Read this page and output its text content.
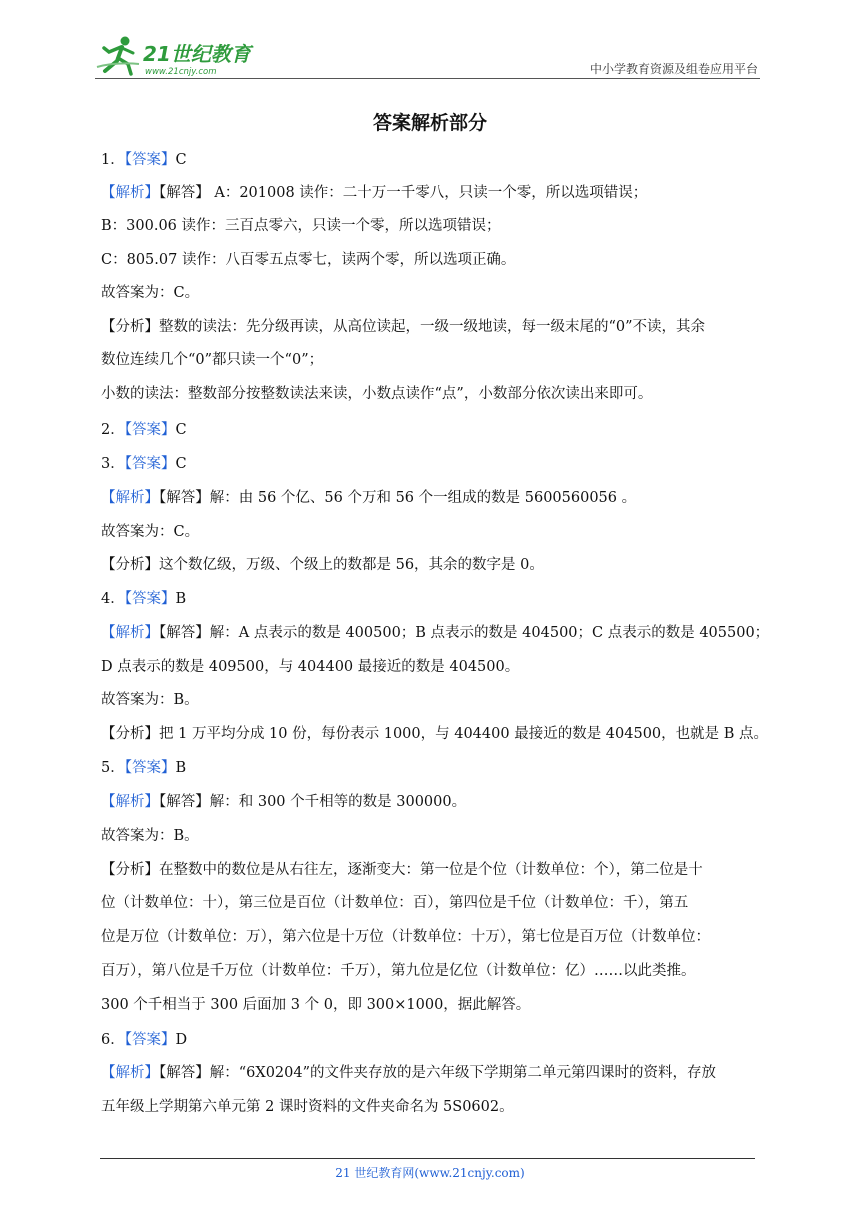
21世纪教育
www.21cnjy.com	中小学教育资源及组卷应用平台
答案解析部分
1．【答案】C
【解析】【解答】 A：201008 读作：二十万一千零八，只读一个零，所以选项错误；
B：300.06 读作：三百点零六，只读一个零，所以选项错误；
C：805.07 读作：八百零五点零七，读两个零，所以选项正确。
故答案为：C。
【分析】整数的读法：先分级再读，从高位读起，一级一级地读，每一级末尾的“0”不读，其余
数位连续几个“0”都只读一个“0”；
小数的读法：整数部分按整数读法来读，小数点读作“点”，小数部分依次读出来即可。
2．【答案】C
3．【答案】C
【解析】【解答】解：由 56 个亿、56 个万和 56 个一组成的数是 5600560056 。
故答案为：C。
【分析】这个数亿级，万级、个级上的数都是 56，其余的数字是 0。
4．【答案】B
【解析】【解答】解：A 点表示的数是 400500；B 点表示的数是 404500；C 点表示的数是 405500；
D 点表示的数是 409500，与 404400 最接近的数是 404500。
故答案为：B。
【分析】把 1 万平均分成 10 份，每份表示 1000，与 404400 最接近的数是 404500，也就是 B 点。
5．【答案】B
【解析】【解答】解：和 300 个千相等的数是 300000。
故答案为：B。
【分析】在整数中的数位是从右往左，逐渐变大：第一位是个位（计数单位：个），第二位是十
位（计数单位：十），第三位是百位（计数单位：百），第四位是千位（计数单位：千），第五
位是万位（计数单位：万），第六位是十万位（计数单位：十万），第七位是百万位（计数单位：
百万），第八位是千万位（计数单位：千万），第九位是亿位（计数单位：亿）……以此类推。
300 个千相当于 300 后面加 3 个 0，即 300×1000，据此解答。
6．【答案】D
【解析】【解答】解：“6X0204”的文件夹存放的是六年级下学期第二单元第四课时的资料，存放
五年级上学期第六单元第 2 课时资料的文件夹命名为 5S0602。
21 世纪教育网(www.21cnjy.com)
